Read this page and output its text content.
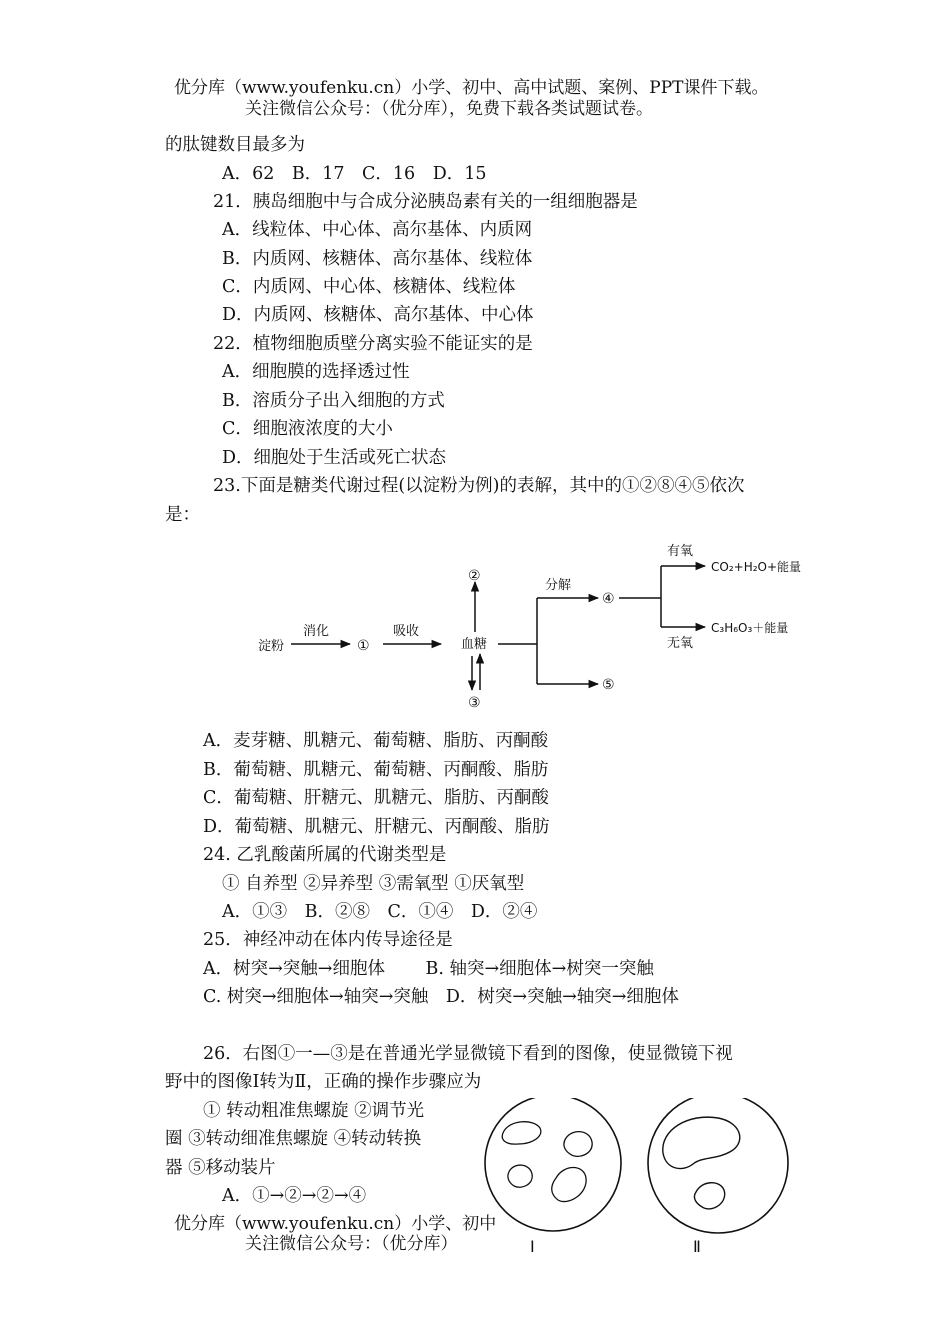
优分库（www.youfenku.cn）小学、初中、高中试题、案例、PPT课件下载。
关注微信公众号：（优分库），免费下载各类试题试卷。
的肽键数目最多为
A．62　B．17　C．16　D．15
21．胰岛细胞中与合成分泌胰岛素有关的一组细胞器是
A．线粒体、中心体、高尔基体、内质网
B．内质网、核糖体、高尔基体、线粒体
C．内质网、中心体、核糖体、线粒体
D．内质网、核糖体、高尔基体、中心体
22．植物细胞质壁分离实验不能证实的是
A．细胞膜的选择透过性
B．溶质分子出入细胞的方式
C．细胞液浓度的大小
D．细胞处于生活或死亡状态
23.下面是糖类代谢过程(以淀粉为例)的表解，其中的①②⑧④⑤依次
是：
淀粉
消化
①
吸收
血糖
②
③
分解
④
⑤
有氧
无氧
CO₂+H₂O+能量
C₃H₆O₃＋能量
A．麦芽糖、肌糖元、葡萄糖、脂肪、丙酮酸
B．葡萄糖、肌糖元、葡萄糖、丙酮酸、脂肪
C．葡萄糖、肝糖元、肌糖元、脂肪、丙酮酸
D．葡萄糖、肌糖元、肝糖元、丙酮酸、脂肪
24. 乙乳酸菌所属的代谢类型是
① 自养型 ②异养型 ③需氧型 ①厌氧型
A．①③　B．②⑧　C．①④　D．②④
25．神经冲动在体内传导途径是
A．树突→突触→细胞体　　 B. 轴突→细胞体→树突一突触
C. 树突→细胞体→轴突→突触　D．树突→突触→轴突→细胞体
26．右图①一—③是在普通光学显微镜下看到的图像，使显微镜下视
野中的图像Ⅰ转为Ⅱ，正确的操作步骤应为
① 转动粗准焦螺旋 ②调节光
圈 ③转动细准焦螺旋 ④转动转换
器 ⑤移动装片
A．①→②→②→④
Ⅰ	Ⅱ
优分库（www.youfenku.cn）小学、初中
关注微信公众号：（优分库）
